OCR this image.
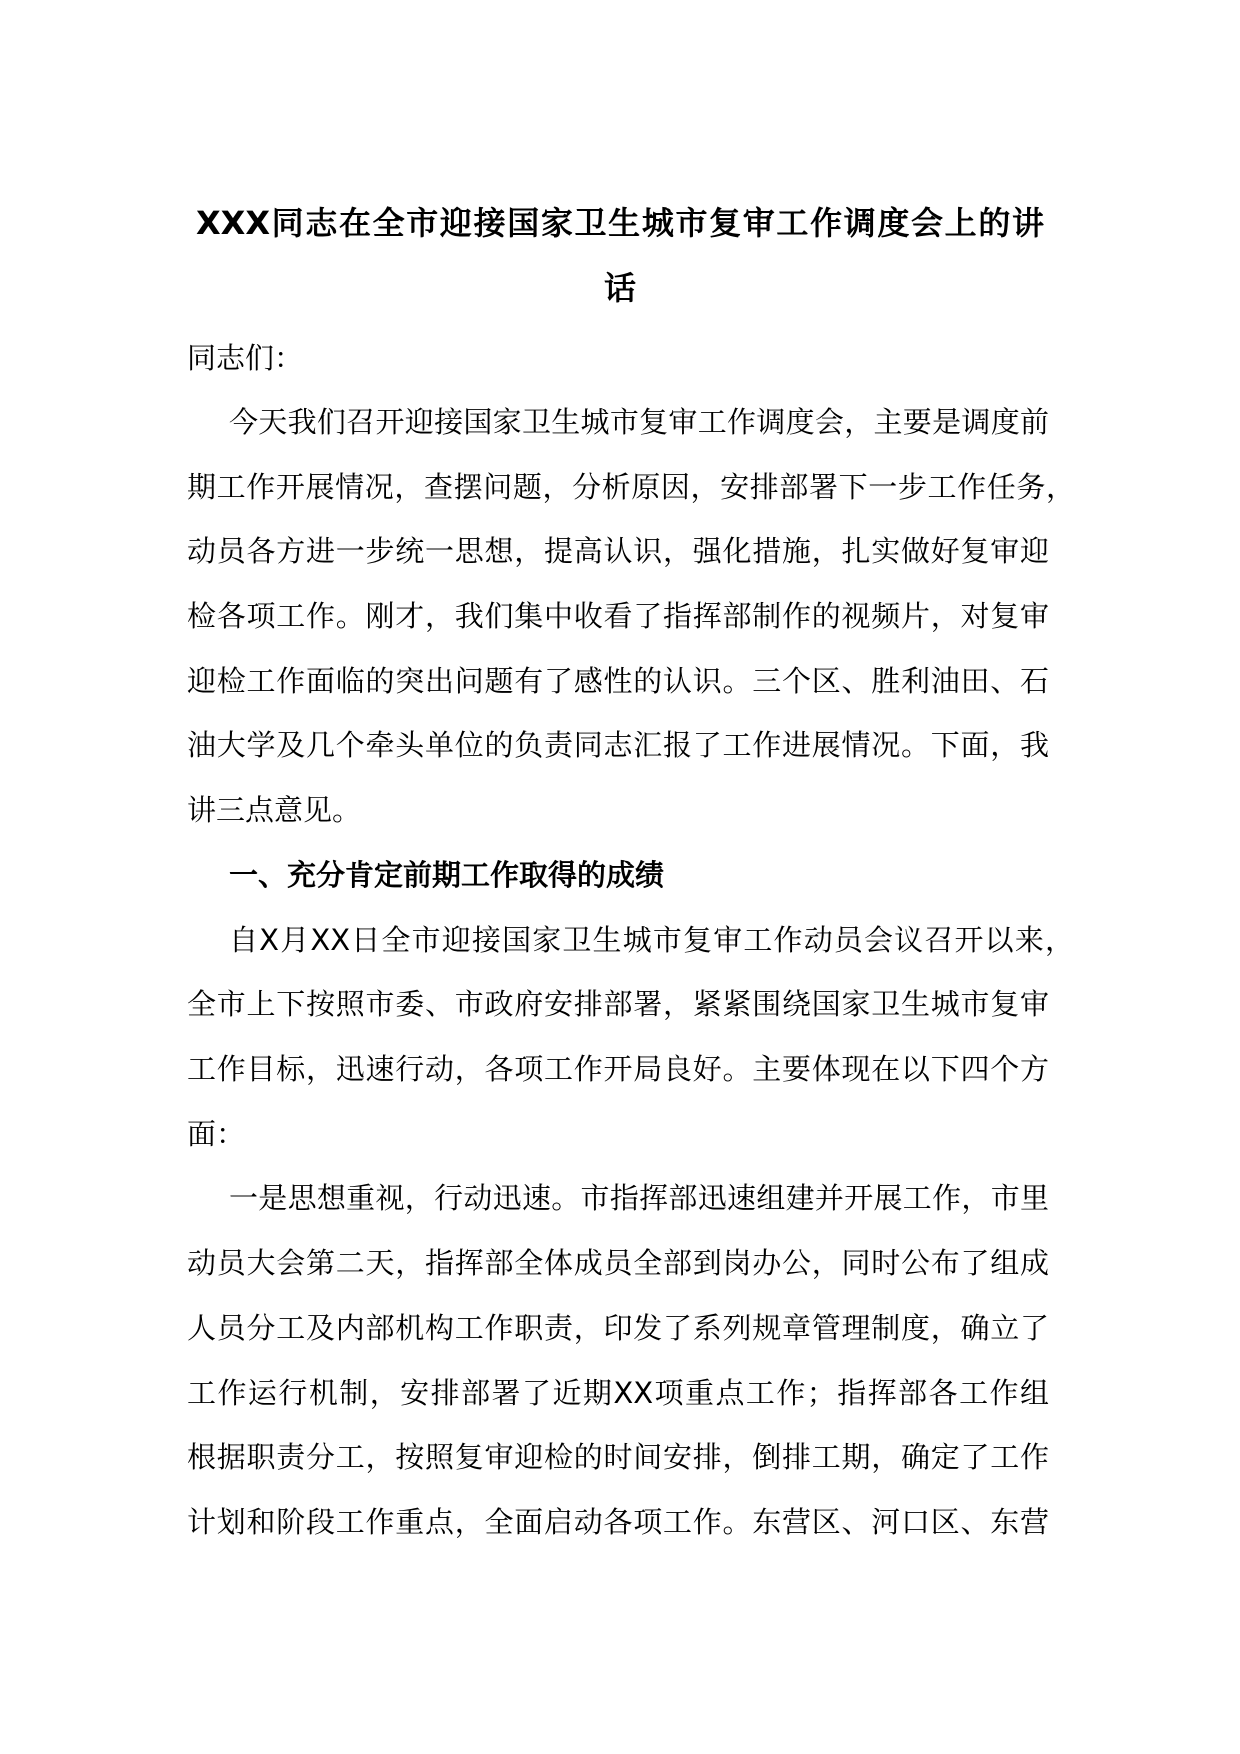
XXX同志在全市迎接国家卫生城市复审工作调度会上的讲
话
同志们：
今天我们召开迎接国家卫生城市复审工作调度会，主要是调度前
期工作开展情况，查摆问题，分析原因，安排部署下一步工作任务，
动员各方进一步统一思想，提高认识，强化措施，扎实做好复审迎
检各项工作。刚才，我们集中收看了指挥部制作的视频片，对复审
迎检工作面临的突出问题有了感性的认识。三个区、胜利油田、石
油大学及几个牵头单位的负责同志汇报了工作进展情况。下面，我
讲三点意见。
一、充分肯定前期工作取得的成绩
自X月XX日全市迎接国家卫生城市复审工作动员会议召开以来，
全市上下按照市委、市政府安排部署，紧紧围绕国家卫生城市复审
工作目标，迅速行动，各项工作开局良好。主要体现在以下四个方
面：
一是思想重视，行动迅速。市指挥部迅速组建并开展工作，市里
动员大会第二天，指挥部全体成员全部到岗办公，同时公布了组成
人员分工及内部机构工作职责，印发了系列规章管理制度，确立了
工作运行机制，安排部署了近期XX项重点工作；指挥部各工作组
根据职责分工，按照复审迎检的时间安排，倒排工期，确定了工作
计划和阶段工作重点，全面启动各项工作。东营区、河口区、东营
